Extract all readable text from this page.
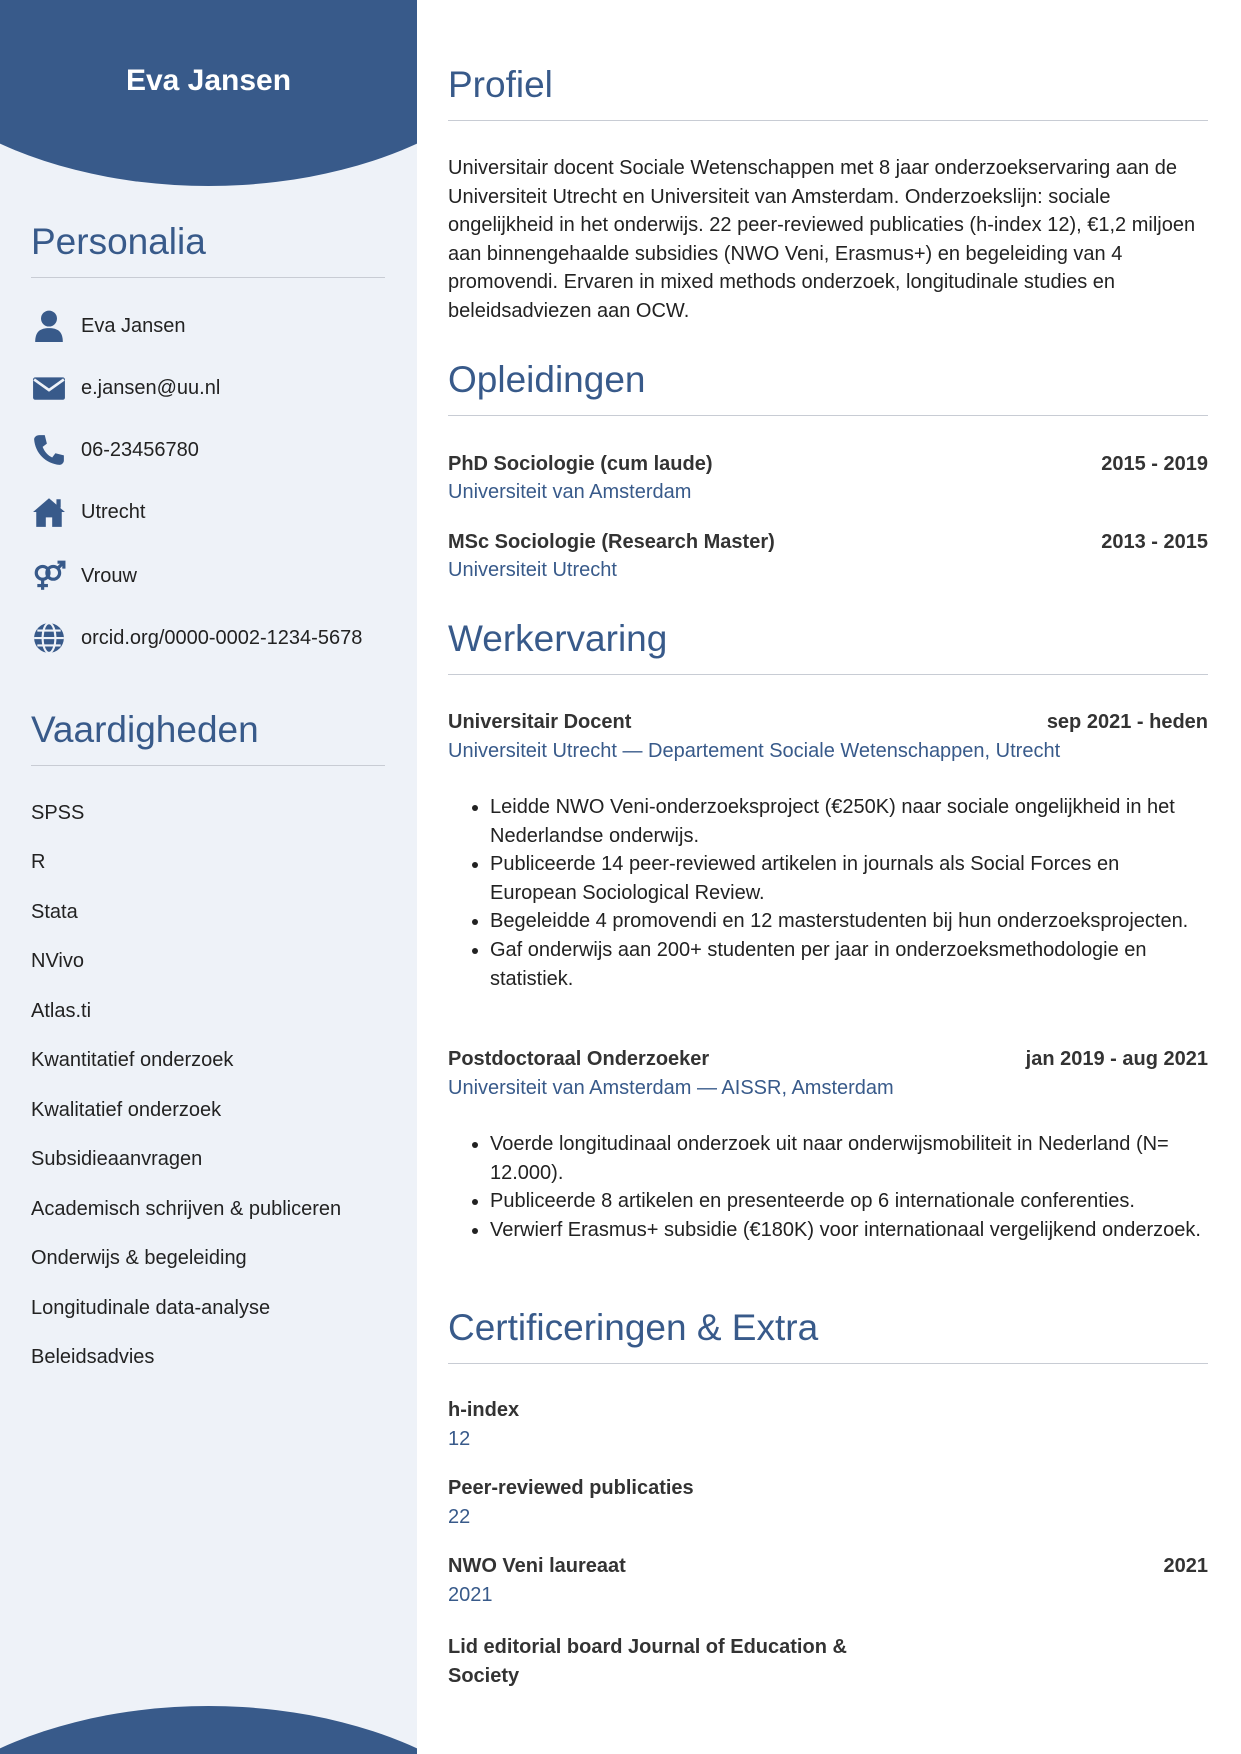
Eva Jansen
Personalia
Eva Jansen
e.jansen@uu.nl
06-23456780
Utrecht
Vrouw
orcid.org/0000-0002-1234-5678
Vaardigheden
SPSS
R
Stata
NVivo
Atlas.ti
Kwantitatief onderzoek
Kwalitatief onderzoek
Subsidieaanvragen
Academisch schrijven & publiceren
Onderwijs & begeleiding
Longitudinale data-analyse
Beleidsadvies
Profiel
Universitair docent Sociale Wetenschappen met 8 jaar onderzoekservaring aan de Universiteit Utrecht en Universiteit van Amsterdam. Onderzoekslijn: sociale ongelijkheid in het onderwijs. 22 peer-reviewed publicaties (h-index 12), €1,2 miljoen aan binnengehaalde subsidies (NWO Veni, Erasmus+) en begeleiding van 4 promovendi. Ervaren in mixed methods onderzoek, longitudinale studies en beleidsadviezen aan OCW.
Opleidingen
PhD Sociologie (cum laude)	2015 - 2019
Universiteit van Amsterdam
MSc Sociologie (Research Master)	2013 - 2015
Universiteit Utrecht
Werkervaring
Universitair Docent	sep 2021 - heden
Universiteit Utrecht — Departement Sociale Wetenschappen, Utrecht
• Leidde NWO Veni-onderzoeksproject (€250K) naar sociale ongelijkheid in het Nederlandse onderwijs.
• Publiceerde 14 peer-reviewed artikelen in journals als Social Forces en European Sociological Review.
• Begeleidde 4 promovendi en 12 masterstudenten bij hun onderzoeksprojecten.
• Gaf onderwijs aan 200+ studenten per jaar in onderzoeksmethodologie en statistiek.
Postdoctoraal Onderzoeker	jan 2019 - aug 2021
Universiteit van Amsterdam — AISSR, Amsterdam
• Voerde longitudinaal onderzoek uit naar onderwijsmobiliteit in Nederland (N= 12.000).
• Publiceerde 8 artikelen en presenteerde op 6 internationale conferenties.
• Verwierf Erasmus+ subsidie (€180K) voor internationaal vergelijkend onderzoek.
Certificeringen & Extra
h-index
12
Peer-reviewed publicaties
22
NWO Veni laureaat	2021
2021
Lid editorial board Journal of Education & Society
